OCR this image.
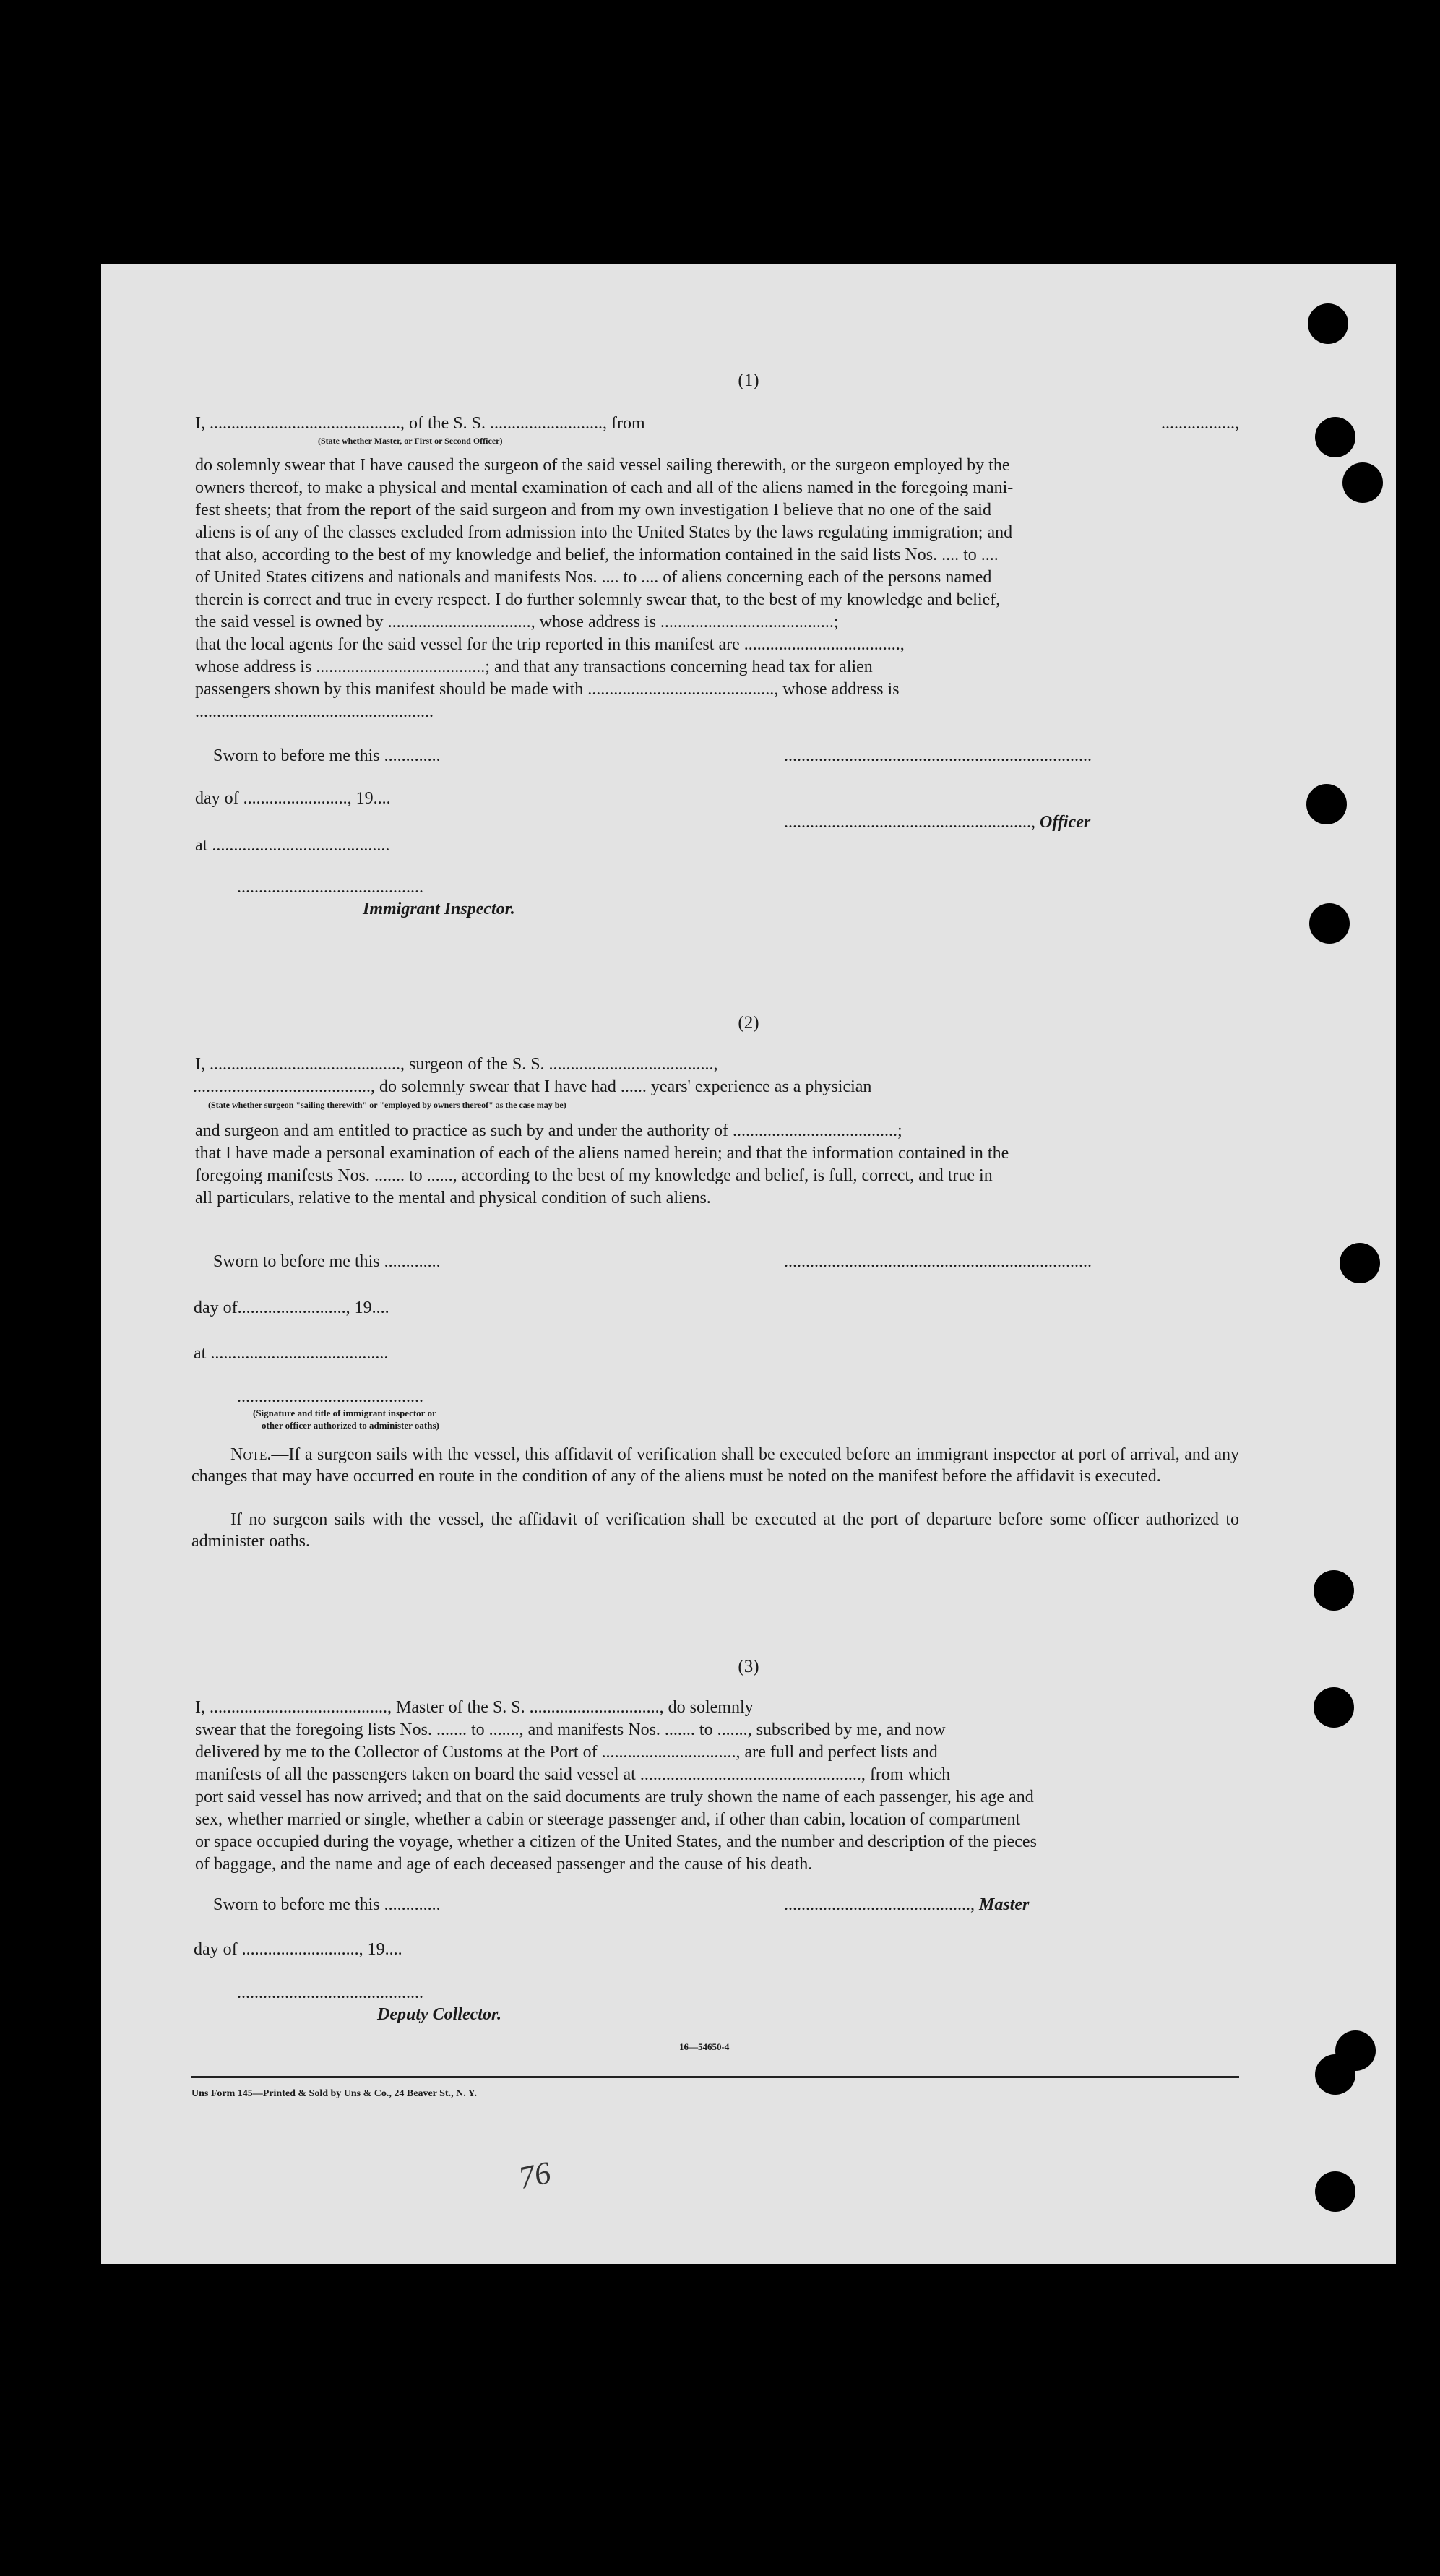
(1)
I, ............................................, of the S. S. .........................., from	.................,
(State whether Master, or First or Second Officer)
do solemnly swear that I have caused the surgeon of the said vessel sailing therewith, or the surgeon employed by the
owners thereof, to make a physical and mental examination of each and all of the aliens named in the foregoing mani-
fest sheets; that from the report of the said surgeon and from my own investigation I believe that no one of the said
aliens is of any of the classes excluded from admission into the United States by the laws regulating immigration; and
that also, according to the best of my knowledge and belief, the information contained in the said lists Nos. .... to ....
of United States citizens and nationals and manifests Nos. .... to .... of aliens concerning each of the persons named
therein is correct and true in every respect. I do further solemnly swear that, to the best of my knowledge and belief,
the said vessel is owned by ................................., whose address is ........................................;
that the local agents for the said vessel for the trip reported in this manifest are ....................................,
whose address is .......................................; and that any transactions concerning head tax for alien
passengers shown by this manifest should be made with ..........................................., whose address is
.......................................................
Sworn to before me this .............	.......................................................................
day of ........................, 19....
........................................................., Officer
at .........................................
...........................................
Immigrant Inspector.
(2)
I, ............................................, surgeon of the S. S. ......................................,
........................................., do solemnly swear that I have had ...... years' experience as a physician
(State whether surgeon "sailing therewith" or "employed by owners thereof" as the case may be)
and surgeon and am entitled to practice as such by and under the authority of ......................................;
that I have made a personal examination of each of the aliens named herein; and that the information contained in the
foregoing manifests Nos. ....... to ......, according to the best of my knowledge and belief, is full, correct, and true in
all particulars, relative to the mental and physical condition of such aliens.
Sworn to before me this .............	.......................................................................
day of........................., 19....
at .........................................
...........................................
(Signature and title of immigrant inspector or
other officer authorized to administer oaths)
Note.—If a surgeon sails with the vessel, this affidavit of verification shall be executed before an immigrant inspector at port of arrival, and any changes that may have occurred en route in the condition of any of the aliens must be noted on the manifest before the affidavit is executed.
If no surgeon sails with the vessel, the affidavit of verification shall be executed at the port of departure before some officer authorized to administer oaths.
(3)
I, ........................................., Master of the S. S. .............................., do solemnly
swear that the foregoing lists Nos. ....... to ......., and manifests Nos. ....... to ......., subscribed by me, and now
delivered by me to the Collector of Customs at the Port of ..............................., are full and perfect lists and
manifests of all the passengers taken on board the said vessel at ..................................................., from which
port said vessel has now arrived; and that on the said documents are truly shown the name of each passenger, his age and
sex, whether married or single, whether a cabin or steerage passenger and, if other than cabin, location of compartment
or space occupied during the voyage, whether a citizen of the United States, and the number and description of the pieces
of baggage, and the name and age of each deceased passenger and the cause of his death.
Sworn to before me this .............	..........................................., Master
day of ..........................., 19....
...........................................
Deputy Collector.
16—54650-4
Uns Form 145—Printed & Sold by Uns & Co., 24 Beaver St., N. Y.
76
